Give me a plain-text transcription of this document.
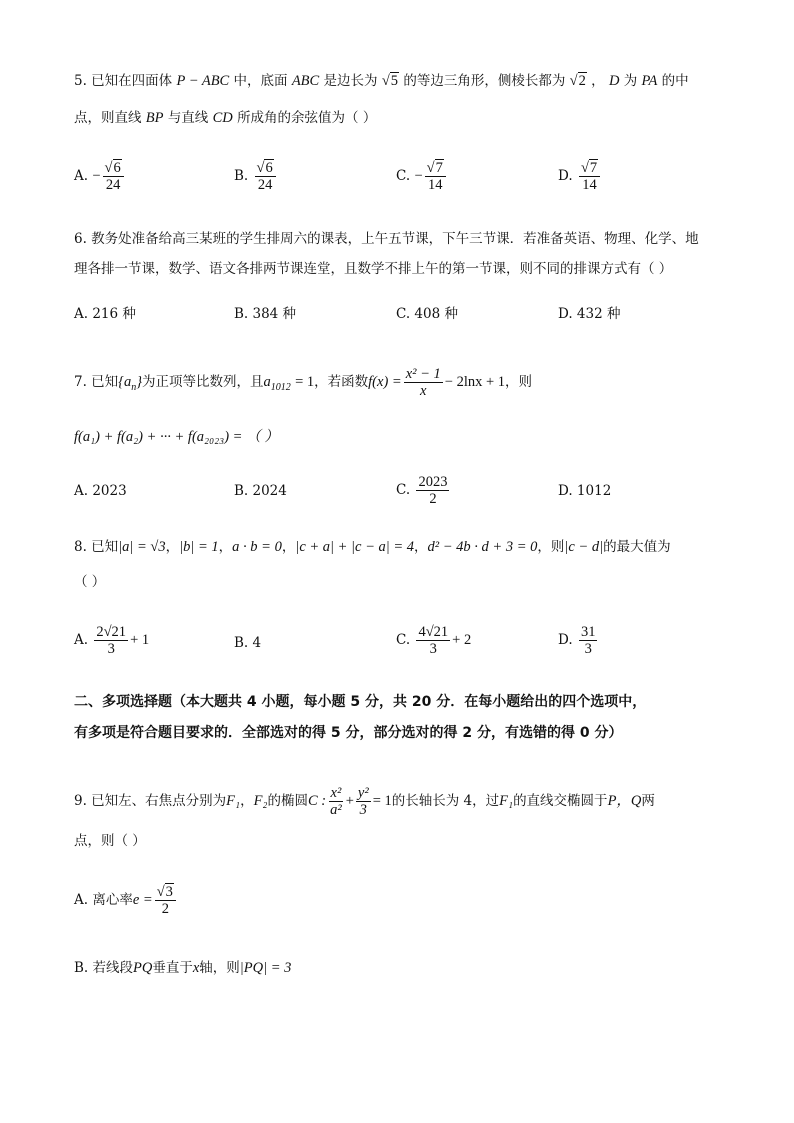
5. 已知在四面体 P − ABC 中，底面 ABC 是边长为 √5 的等边三角形，侧棱长都为 √2 ， D 为 PA 的中
点，则直线 BP 与直线 CD 所成角的余弦值为（ ）
A. − $\frac{√6}{24}$	B. $\frac{√6}{24}$	C. − $\frac{√7}{14}$	D. $\frac{√7}{14}$
6. 教务处准备给高三某班的学生排周六的课表，上午五节课，下午三节课．若准备英语、物理、化学、地
理各排一节课，数学、语文各排两节课连堂，且数学不排上午的第一节课，则不同的排课方式有（ ）
A. 216 种	B. 384 种	C. 408 种	D. 432 种
7. 已知$\{a_n\}$为正项等比数列，且$a_{1012} = 1$，若函数$f(x) = \frac{\text{x² − 1}}{x} - 2\ln x + 1$，则
f(a₁) + f(a₂) + ··· + f(a₂₀₂₃) = （ ）
A. 2023	B. 2024	C. $\frac{2023}{2}$	D. 1012
8. 已知|a| = √3，|b| = 1，a · b = 0，|c + a| + |c − a| = 4，d² − 4b · d + 3 = 0，则|c − d|的最大值为
（ ）
A. $\frac{2√21}{3} + 1$	B. 4	C. $\frac{4√21}{3} + 2$	D. $\frac{31}{3}$
二、多项选择题（本大题共 4 小题，每小题 5 分，共 20 分．在每小题给出的四个选项中，
有多项是符合题目要求的．全部选对的得 5 分，部分选对的得 2 分，有选错的得 0 分）
9. 已知左、右焦点分别为F₁，F₂的椭圆C : $\frac{\text{x²}}{\text{a²}} + \frac{\text{y²}}{3} = 1$的长轴长为 4，过F₁的直线交椭圆于P，Q两
点，则（ ）
A. 离心率$e = \frac{√3}{2}$
B. 若线段PQ垂直于x轴，则|PQ| = 3
